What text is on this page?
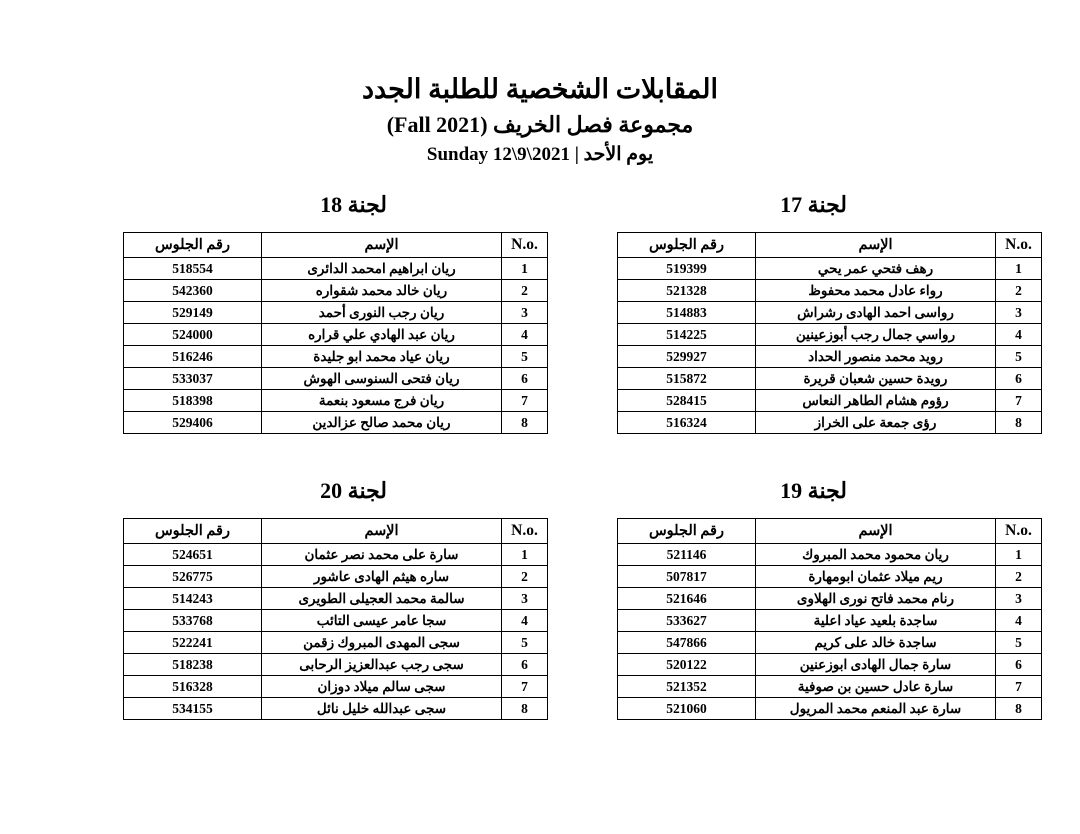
المقابلات الشخصية للطلبة الجدد
مجموعة فصل الخريف (Fall 2021)
يوم الأحد | Sunday 12\9\2021
لجنة 17
لجنة 18
لجنة 19
لجنة 20
N.o.	الإسم	رقم الجلوس
1	رهف فتحي عمر يحي	519399
2	رواء عادل محمد محفوظ	521328
3	رواسى احمد الهادى رشراش	514883
4	رواسي جمال رجب أبوزعينين	514225
5	رويد محمد منصور الحداد	529927
6	رويدة حسين شعبان قريرة	515872
7	رؤوم هشام الطاهر النعاس	528415
8	رؤى جمعة على الخراز	516324
N.o.	الإسم	رقم الجلوس
1	ريان ابراهيم امحمد الدائرى	518554
2	ريان خالد محمد شقواره	542360
3	ريان رجب النورى أحمد	529149
4	ريان عبد الهادي علي قراره	524000
5	ريان عياد محمد ابو جليدة	516246
6	ريان فتحى السنوسى الهوش	533037
7	ريان فرج مسعود بنعمة	518398
8	ريان محمد صالح عزالدين	529406
N.o.	الإسم	رقم الجلوس
1	ريان محمود محمد المبروك	521146
2	ريم ميلاد عثمان ابومهارة	507817
3	رنام محمد فاتح نورى الهلاوى	521646
4	ساجدة بلعيد عياد اعلية	533627
5	ساجدة خالد على كريم	547866
6	سارة جمال الهادى ابوزعنين	520122
7	سارة عادل حسين بن صوفية	521352
8	سارة عبد المنعم محمد المريول	521060
N.o.	الإسم	رقم الجلوس
1	سارة على محمد نصر عثمان	524651
2	ساره هيثم الهادى عاشور	526775
3	سالمة محمد العجيلى الطويرى	514243
4	سجا عامر عيسى التائب	533768
5	سجى المهدى المبروك زقمن	522241
6	سجى رجب عبدالعزيز الرحابى	518238
7	سجى سالم ميلاد دوزان	516328
8	سجى عبدالله خليل نائل	534155
